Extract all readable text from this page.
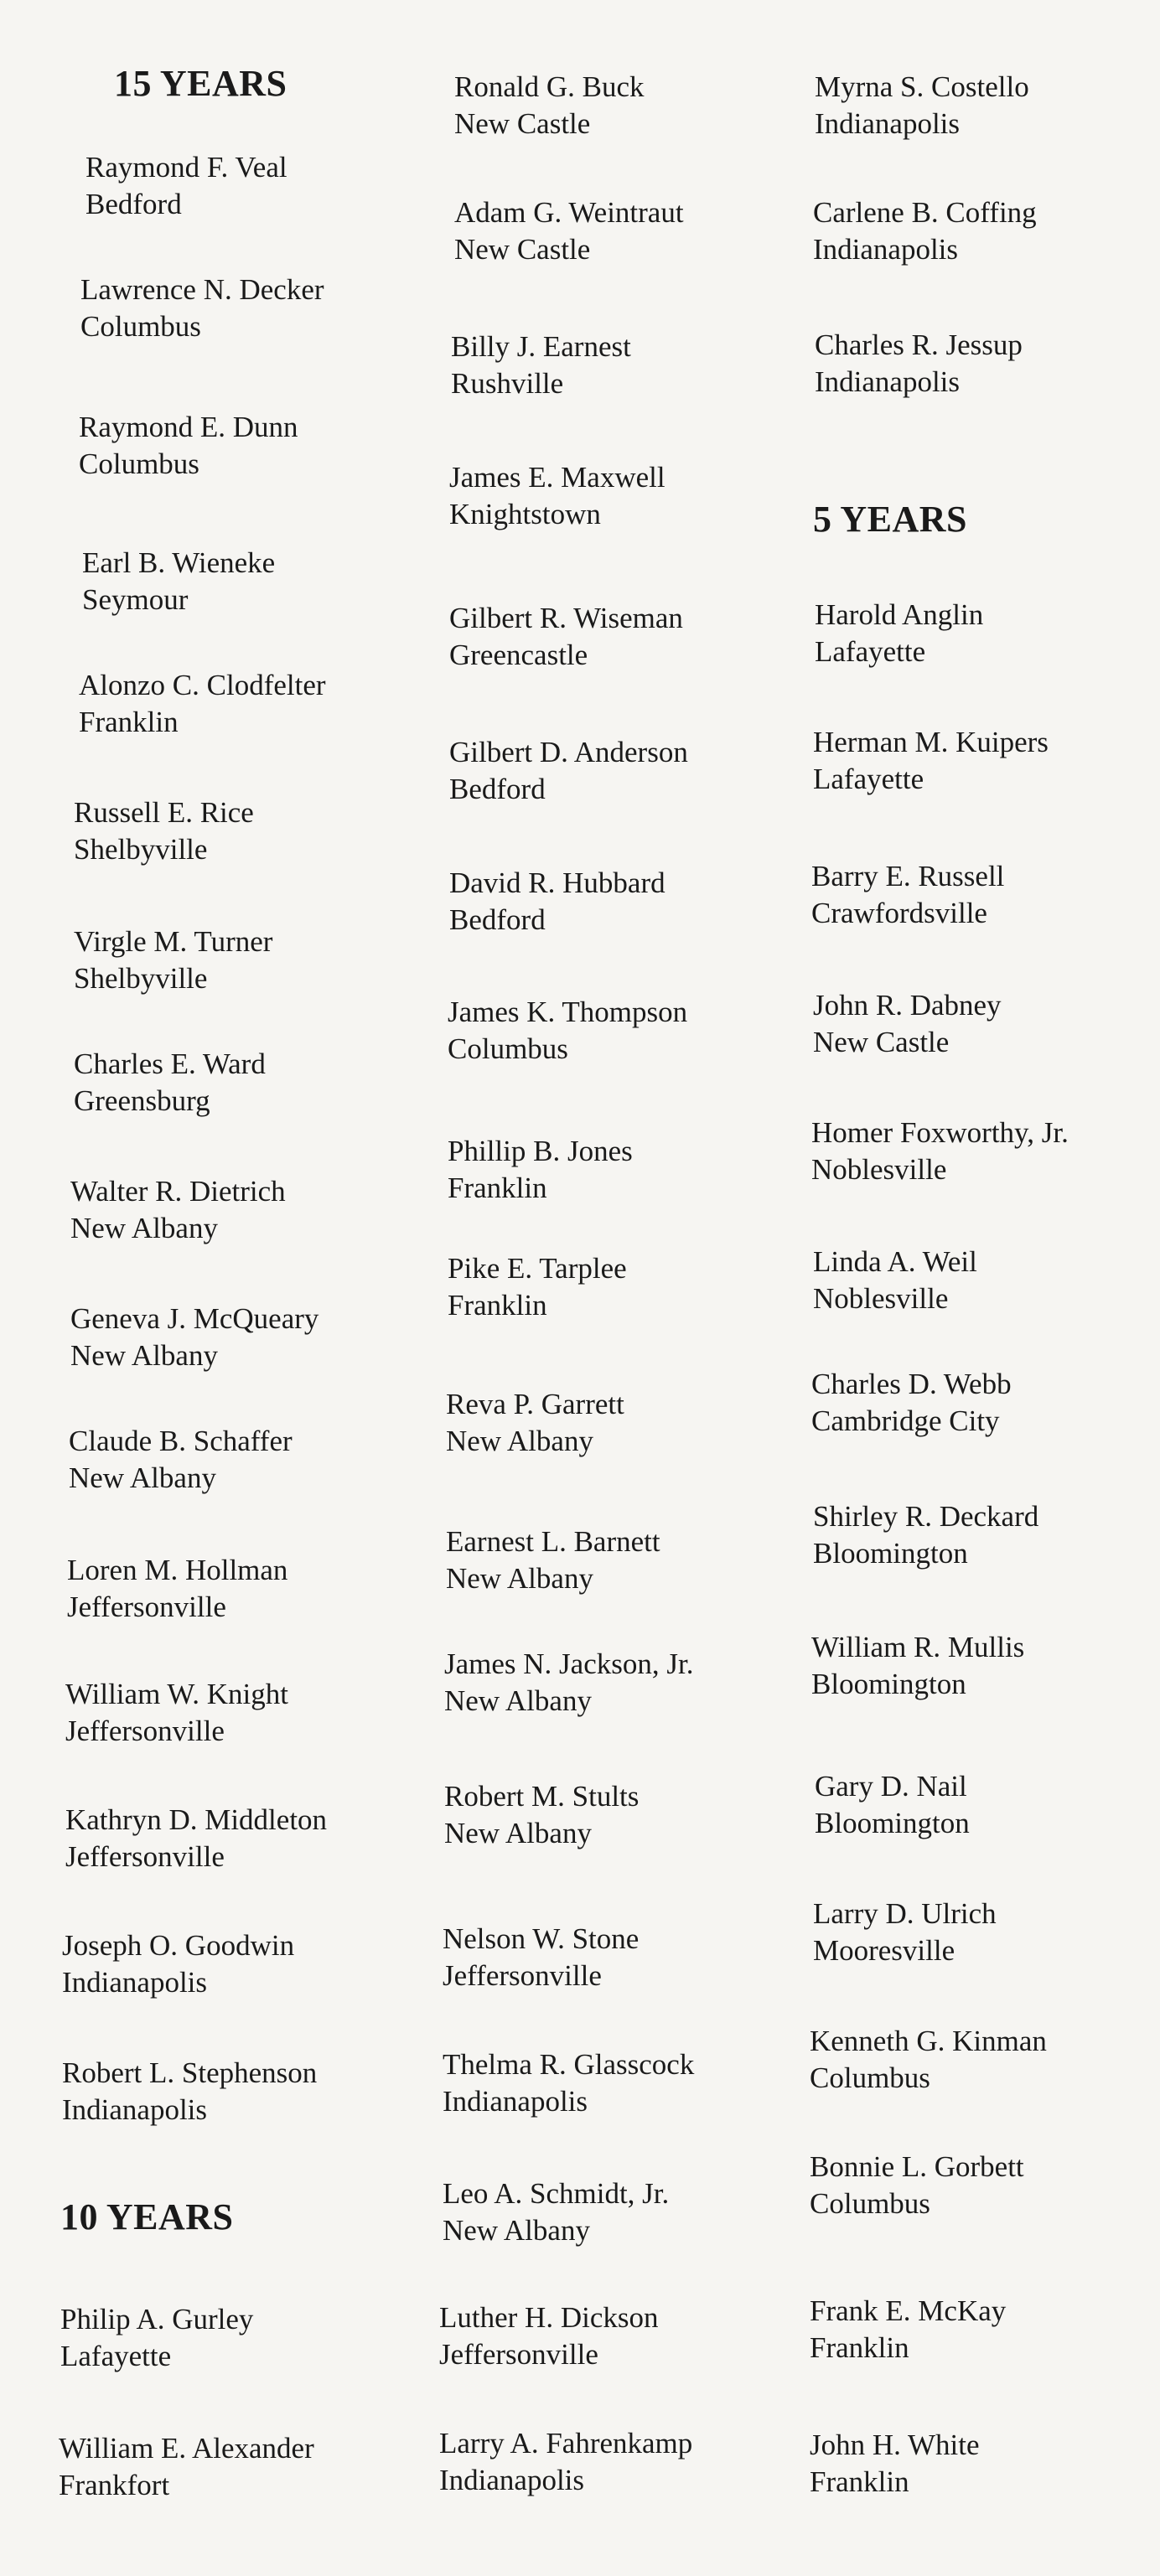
15 YEARS
Raymond F. Veal
Bedford
Lawrence N. Decker
Columbus
Raymond E. Dunn
Columbus
Earl B. Wieneke
Seymour
Alonzo C. Clodfelter
Franklin
Russell E. Rice
Shelbyville
Virgle M. Turner
Shelbyville
Charles E. Ward
Greensburg
Walter R. Dietrich
New Albany
Geneva J. McQueary
New Albany
Claude B. Schaffer
New Albany
Loren M. Hollman
Jeffersonville
William W. Knight
Jeffersonville
Kathryn D. Middleton
Jeffersonville
Joseph O. Goodwin
Indianapolis
Robert L. Stephenson
Indianapolis
10 YEARS
Philip A. Gurley
Lafayette
William E. Alexander
Frankfort
Ronald G. Buck
New Castle
Adam G. Weintraut
New Castle
Billy J. Earnest
Rushville
James E. Maxwell
Knightstown
Gilbert R. Wiseman
Greencastle
Gilbert D. Anderson
Bedford
David R. Hubbard
Bedford
James K. Thompson
Columbus
Phillip B. Jones
Franklin
Pike E. Tarplee
Franklin
Reva P. Garrett
New Albany
Earnest L. Barnett
New Albany
James N. Jackson, Jr.
New Albany
Robert M. Stults
New Albany
Nelson W. Stone
Jeffersonville
Thelma R. Glasscock
Indianapolis
Leo A. Schmidt, Jr.
New Albany
Luther H. Dickson
Jeffersonville
Larry A. Fahrenkamp
Indianapolis
Myrna S. Costello
Indianapolis
Carlene B. Coffing
Indianapolis
Charles R. Jessup
Indianapolis
5 YEARS
Harold Anglin
Lafayette
Herman M. Kuipers
Lafayette
Barry E. Russell
Crawfordsville
John R. Dabney
New Castle
Homer Foxworthy, Jr.
Noblesville
Linda A. Weil
Noblesville
Charles D. Webb
Cambridge City
Shirley R. Deckard
Bloomington
William R. Mullis
Bloomington
Gary D. Nail
Bloomington
Larry D. Ulrich
Mooresville
Kenneth G. Kinman
Columbus
Bonnie L. Gorbett
Columbus
Frank E. McKay
Franklin
John H. White
Franklin
